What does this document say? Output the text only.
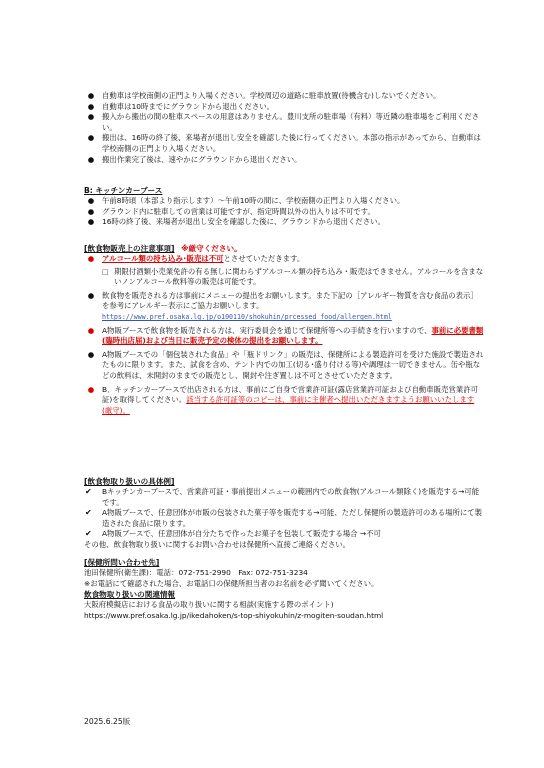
● 自動車は学校南側の正門より入場ください。学校周辺の道路に駐車放置(待機含む)しないでください。
● 自動車は10時までにグラウンドから退出ください。
● 搬入から搬出の間の駐車スペースの用意はありません。豊川支所の駐車場（有料）等近隣の駐車場をご利用ください。
● 搬出は、16時の終了後、来場者が退出し安全を確認した後に行ってください。本部の指示があってから、自動車は学校南側の正門より入場ください。
● 搬出作業完了後は、速やかにグラウンドから退出ください。
B: キッチンカーブース
● 午前8時頃（本部より指示します）～午前10時の間に、学校南側の正門より入場ください。
● グラウンド内に駐車しての営業は可能ですが、指定時間以外の出入りは不可です。
● 16時の終了後、来場者が退出し安全を確認した後に、グラウンドから退出ください。
[飲食物販売上の注意事項] ※厳守ください。
● アルコール類の持ち込み･販売は不可とさせていただきます。
□ 期限付酒類小売業免許の有る無しに関わらずアルコール類の持ち込み・販売はできません。アルコールを含まないノンアルコール飲料等の販売は可能です。
● 飲食物を販売される方は事前にメニューの提出をお願いします。また下記の［アレルギー物質を含む食品の表示］を参考にアレルギー表示にご協力お願いします。
https://www.pref.osaka.lg.jp/o100110/shokuhin/prcessed_food/allergen.html
● A物販ブースで飲食物を販売される方は、実行委員会を通じて保健所等への手続きを行いますので、事前に必要書類(臨時出店届)および当日に販売予定の検体の提出をお願いします。
● A物販ブースでの「個包装された食品」や「瓶ドリンク」の販売は、保健所による製造許可を受けた施設で製造されたものに限ります。また、試食を含め、テント内での加工(切る･盛り付ける等)や調理は一切できません。缶や瓶などの飲料は、未開封のままでの販売とし、開封や注ぎ置しは不可とさせていただきます。
● B．キッチンカーブースで出店される方は、事前にご自身で営業許可証(露店営業許可証および自動車販売営業許可証)を取得してください。該当する許可証等のコピーは、事前に主催者へ提出いただきますようお願いいたします (厳守)。
[飲食物取り扱いの具体例]
✔ Bキッチンカーブースで、営業許可証・事前提出メニューの範囲内での飲食物(アルコール類除く)を販売する→可能です。
✔ A物販ブースで、任意団体が市販の包装された菓子等を販売する→可能、ただし保健所の製造許可のある場所にて製造された食品に限ります。
✔ A物販ブースで、任意団体が自分たちで作ったお菓子を包装して販売する場合 →不可
その他、飲食物取り扱いに関するお問い合わせは保健所へ直接ご連絡ください。
[保健所問い合わせ先]
池田保健所(衛生課)：電話：072-751-2990　Fax: 072-751-3234
※お電話にて確認された場合、お電話口の保健所担当者のお名前を必ず聞いてください。
飲食物取り扱いの関連情報
大阪府模擬店における食品の取り扱いに関する相談(実施する際のポイント)
https://www.pref.osaka.lg.jp/ikedahoken/s-top-shiyokuhin/z-mogiten-soudan.html
2025.6.25版
